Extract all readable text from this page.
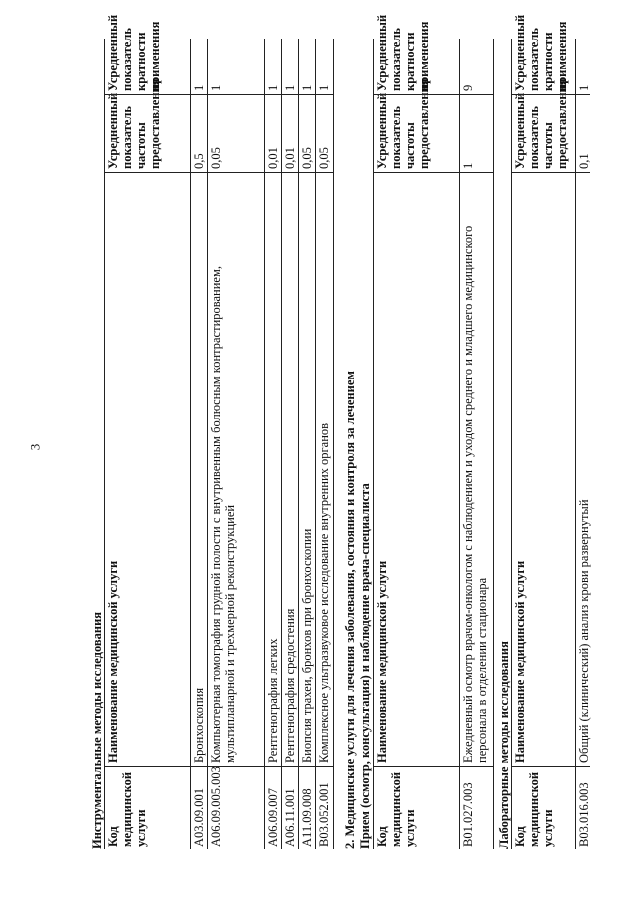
3
Инструментальные методы исследования Код медицинской услуги
Наименование медицинской услуги
Усредненный показатель частоты предоставления
Усредненный показатель кратности применения
A03.09.001
Бронхоскопия
0,5
1
A06.09.005.003
Компьютерная томография грудной полости с внутривенным болюсным контрастированием, мультипланарной и трехмерной реконструкцией
0,05
1
A06.09.007
Рентгенография легких
0,01
1
A06.11.001
Рентгенография средостения
0,01
1
A11.09.008
Биопсия трахеи, бронхов при бронхоскопии
0,05
1
B03.052.001
Комплексное ультразвуковое исследование внутренних органов
0,05
1
2. Медицинские услуги для лечения заболевания, состояния и контроля за лечением Прием (осмотр, консультация) и наблюдение врача-специалиста Код медицинской услуги
Наименование медицинской услуги
Усредненный показатель частоты предоставления
Усредненный показатель кратности применения
B01.027.003
Ежедневный осмотр врачом-онкологом с наблюдением и уходом среднего и младшего медицинского персонала в отделении стационара
1
9
Лабораторные методы исследования Код медицинской услуги
Наименование медицинской услуги
Усредненный показатель частоты предоставления
Усредненный показатель кратности применения
B03.016.003
Общий (клинический) анализ крови развернутый
0,1
1
